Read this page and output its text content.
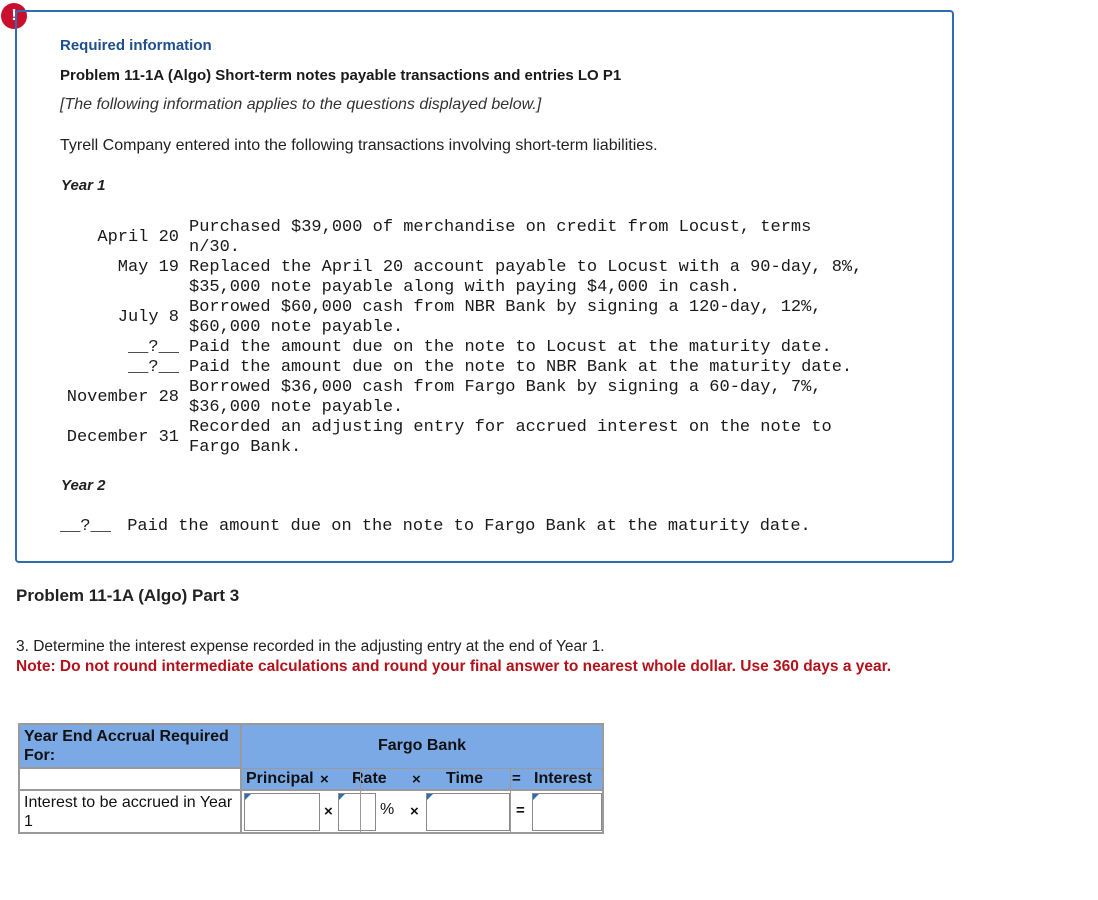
!
Required information
Problem 11-1A (Algo) Short-term notes payable transactions and entries LO P1
[The following information applies to the questions displayed below.]
Tyrell Company entered into the following transactions involving short-term liabilities.
Year 1
April 20
Purchased $39,000 of merchandise on credit from Locust, terms
n/30.
May 19 Replaced the April 20 account payable to Locust with a 90-day, 8%,
$35,000 note payable along with paying $4,000 in cash.
July 8
Borrowed $60,000 cash from NBR Bank by signing a 120-day, 12%,
$60,000 note payable.
__?__ Paid the amount due on the note to Locust at the maturity date.
__?__ Paid the amount due on the note to NBR Bank at the maturity date.
November 28
Borrowed $36,000 cash from Fargo Bank by signing a 60-day, 7%,
$36,000 note payable.
December 31
Recorded an adjusting entry for accrued interest on the note to
Fargo Bank.
Year 2
__?__ Paid the amount due on the note to Fargo Bank at the maturity date.
Problem 11-1A (Algo) Part 3
3. Determine the interest expense recorded in the adjusting entry at the end of Year 1.
Note: Do not round intermediate calculations and round your final answer to nearest whole dollar. Use 360 days a year.
Year End Accrual Required For:
Interest to be accrued in Year 1
Fargo Bank
Principal × Rate × Time = Interest
×	% ×	=
